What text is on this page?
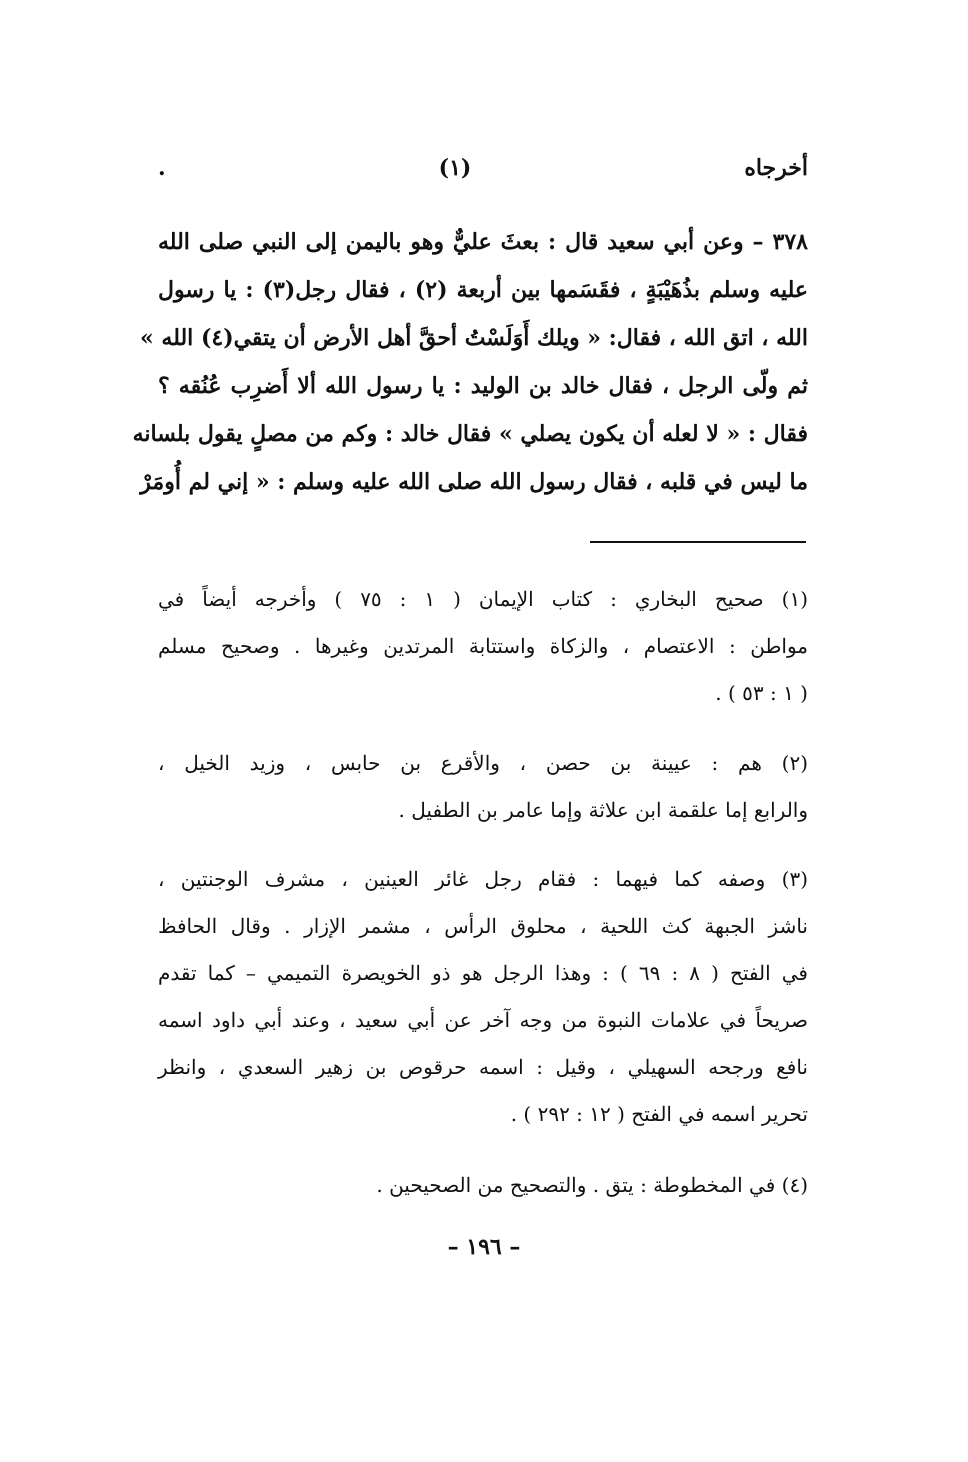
أخرجاه (١) .
٣٧٨ – وعن أبي سعيد قال : بعثَ عليٌّ وهو باليمن إلى النبي صلى الله
عليه وسلم بذُهَيْبَةٍ ، فقَسَمها بين أربعة (٢) ، فقال رجل(٣) : يا رسول
الله ، اتق الله ، فقال: « ويلك أَوَلَسْتُ أحقَّ أهل الأرض أن يتقي(٤) الله »
ثم ولّى الرجل ، فقال خالد بن الوليد : يا رسول الله ألا أَضرِب عُنُقه ؟
فقال : « لا لعله أن يكون يصلي » فقال خالد : وكم من مصلٍ يقول بلسانه
ما ليس في قلبه ، فقال رسول الله صلى الله عليه وسلم : « إني لم أُومَرْ
(١) صحيح البخاري : كتاب الإيمان ( ١ : ٧٥ ) وأخرجه أيضاً في
مواطن : الاعتصام ، والزكاة واستتابة المرتدين وغيرها . وصحيح مسلم
( ١ : ٥٣ ) .
(٢) هم : عيينة بن حصن ، والأقرع بن حابس ، وزيد الخيل ،
والرابع إما علقمة ابن علاثة وإما عامر بن الطفيل .
(٣) وصفه كما فيهما : فقام رجل غائر العينين ، مشرف الوجنتين ،
ناشز الجبهة كث اللحية ، محلوق الرأس ، مشمر الإزار . وقال الحافظ
في الفتح ( ٨ : ٦٩ ) : وهذا الرجل هو ذو الخويصرة التميمي – كما تقدم
صريحاً في علامات النبوة من وجه آخر عن أبي سعيد ، وعند أبي داود اسمه
نافع ورجحه السهيلي ، وقيل : اسمه حرقوص بن زهير السعدي ، وانظر
تحرير اسمه في الفتح ( ١٢ : ٢٩٢ ) .
(٤) في المخطوطة : يتق . والتصحيح من الصحيحين .
– ١٩٦ –
